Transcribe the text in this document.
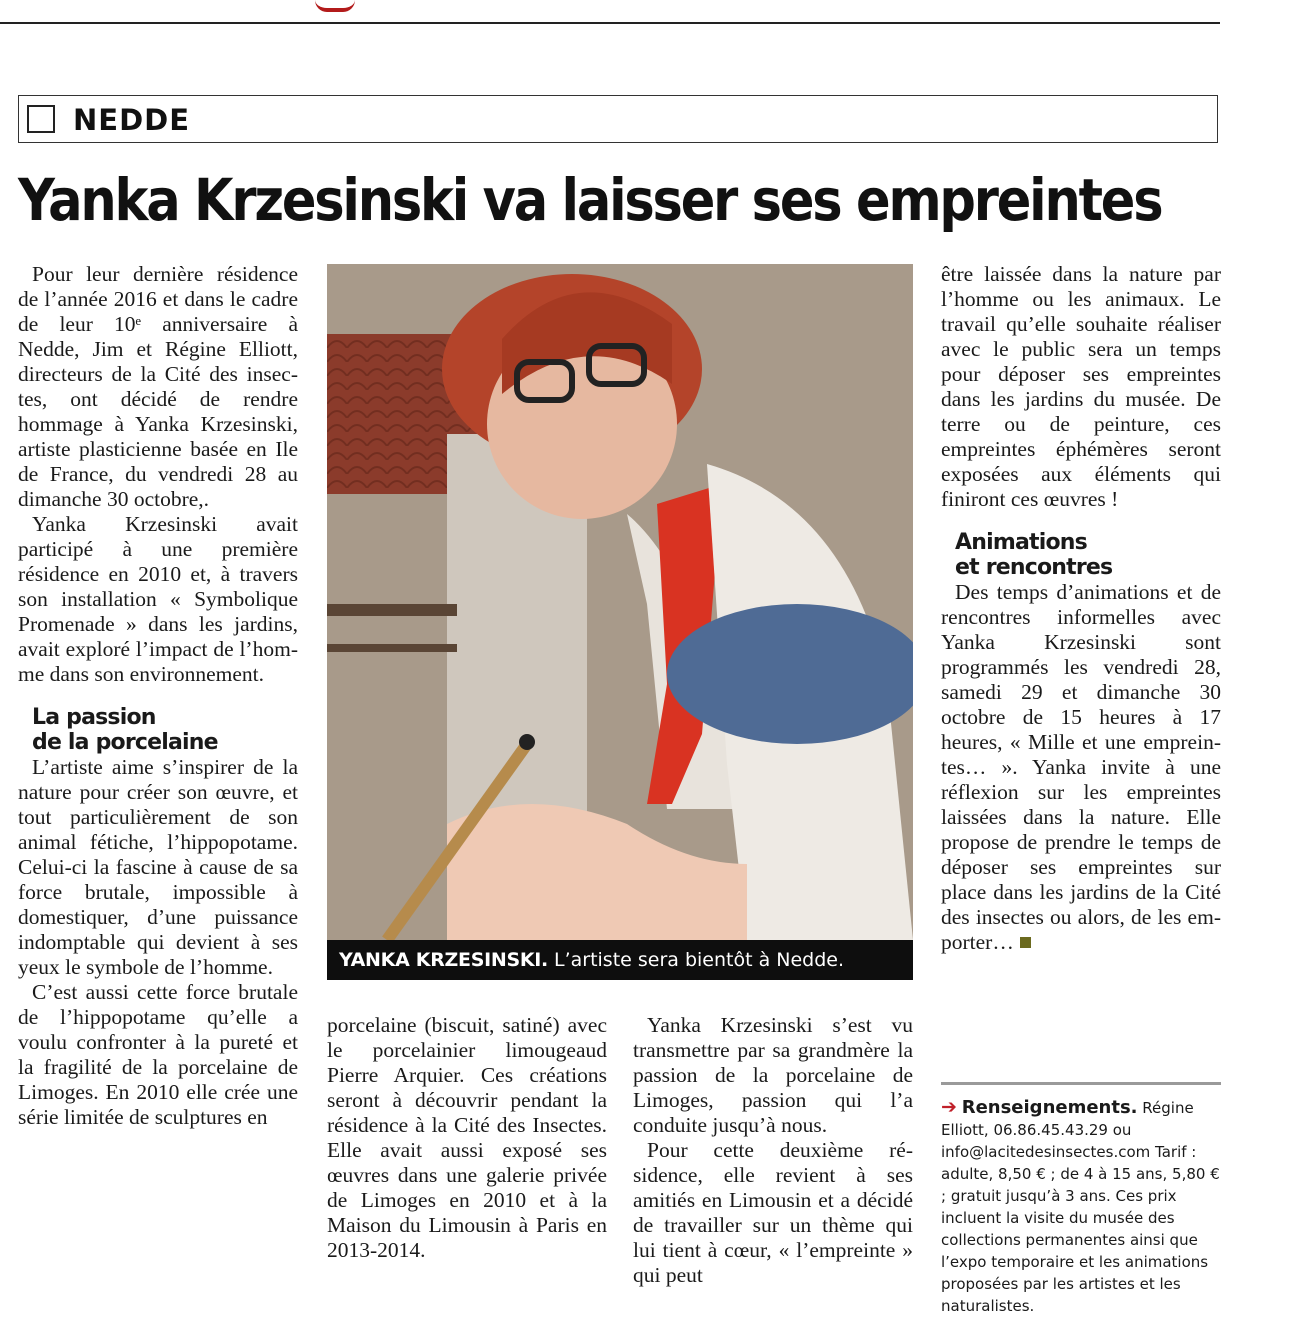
NEDDE
Yanka Krzesinski va laisser ses empreintes

Pour leur dernière résidence de l’année 2016 et dans le cadre de leur 10ᵉ anniversaire à Nedde, Jim et Régine Elliott, directeurs de la Cité des insectes, ont décidé de rendre hommage à Yanka Krzesinski, artiste plasticienne basée en Ile de France, du vendredi 28 au dimanche 30 octobre,.

Yanka Krzesinski avait participé à une première résidence en 2010 et, à travers son installation « Symbolique Promenade » dans les jardins, avait exploré l’impact de l’homme dans son environnement.

La passion
de la porcelaine

L’artiste aime s’inspirer de la nature pour créer son œuvre, et tout particulièrement de son animal fétiche, l’hippopotame. Celui-ci la fascine à cause de sa force brutale, impossible à domestiquer, d’une puissance indomptable qui devient à ses yeux le symbole de l’homme.

C’est aussi cette force brutale de l’hippopotame qu’elle a voulu confronter à la pureté et la fragilité de la porcelaine de Limoges. En 2010 elle crée une série limitée de sculptures en

YANKA KRZESINSKI. L’artiste sera bientôt à Nedde.

porcelaine (biscuit, satiné) avec le porcelainier limougeaud Pierre Arquier. Ces créations seront à découvrir pendant la résidence à la Cité des Insectes. Elle avait aussi exposé ses œuvres dans une galerie privée de Limoges en 2010 et à la Maison du Limousin à Paris en 2013-2014.

Yanka Krzesinski s’est vu transmettre par sa grandmère la passion de la porcelaine de Limoges, passion qui l’a conduite jusqu’à nous.

Pour cette deuxième résidence, elle revient à ses amitiés en Limousin et a décidé de travailler sur un thème qui lui tient à cœur, « l’empreinte » qui peut

être laissée dans la nature par l’homme ou les animaux. Le travail qu’elle souhaite réaliser avec le public sera un temps pour déposer ses empreintes dans les jardins du musée. De terre ou de peinture, ces empreintes éphémères seront exposées aux éléments qui finiront ces œuvres !

Animations
et rencontres

Des temps d’animations et de rencontres informelles avec Yanka Krzesinski sont programmés les vendredi 28, samedi 29 et dimanche 30 octobre de 15 heures à 17 heures, « Mille et une empreintes… ». Yanka invite à une réflexion sur les empreintes laissées dans la nature. Elle propose de prendre le temps de déposer ses empreintes sur place dans les jardins de la Cité des insectes ou alors, de les emporter…

➔ Renseignements. Régine Elliott, 06.86.45.43.29 ou info@lacitedesinsectes.com Tarif : adulte, 8,50 € ; de 4 à 15 ans, 5,80 € ; gratuit jusqu’à 3 ans. Ces prix incluent la visite du musée des collections permanentes ainsi que l’expo temporaire et les animations proposées par les artistes et les naturalistes.
